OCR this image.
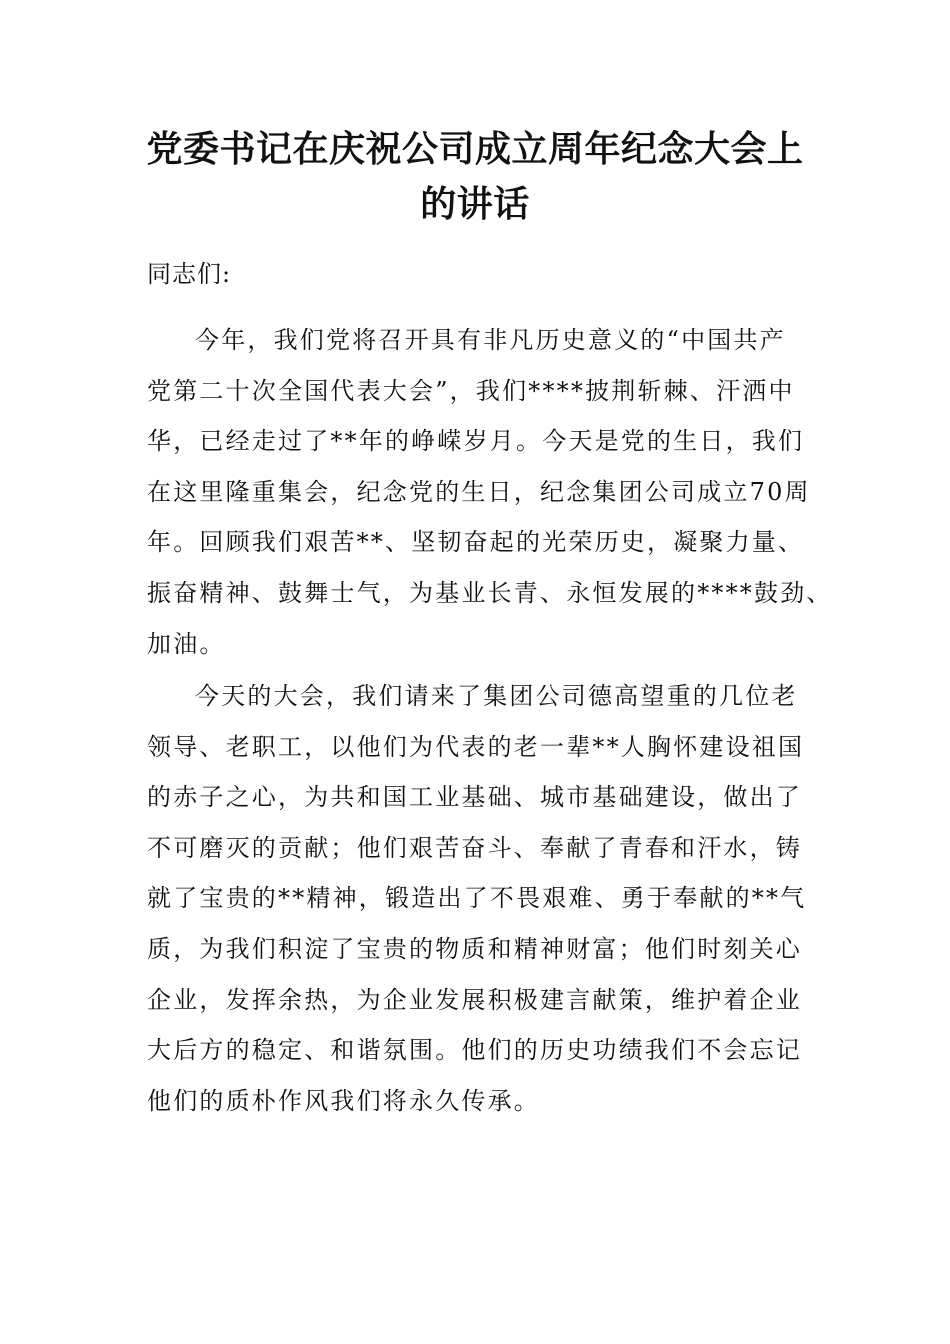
党委书记在庆祝公司成立周年纪念大会上
的讲话

同志们:

今年，我们党将召开具有非凡历史意义的“中国共产
党第二十次全国代表大会”，我们****披荆斩棘、汗洒中
华，已经走过了**年的峥嵘岁月。今天是党的生日，我们
在这里隆重集会，纪念党的生日，纪念集团公司成立70周
年。回顾我们艰苦**、坚韧奋起的光荣历史，凝聚力量、
振奋精神、鼓舞士气，为基业长青、永恒发展的****鼓劲、
加油。
今天的大会，我们请来了集团公司德高望重的几位老
领导、老职工，以他们为代表的老一辈**人胸怀建设祖国
的赤子之心，为共和国工业基础、城市基础建设，做出了
不可磨灭的贡献；他们艰苦奋斗、奉献了青春和汗水，铸
就了宝贵的**精神，锻造出了不畏艰难、勇于奉献的**气
质，为我们积淀了宝贵的物质和精神财富；他们时刻关心
企业，发挥余热，为企业发展积极建言献策，维护着企业
大后方的稳定、和谐氛围。他们的历史功绩我们不会忘记
他们的质朴作风我们将永久传承。
